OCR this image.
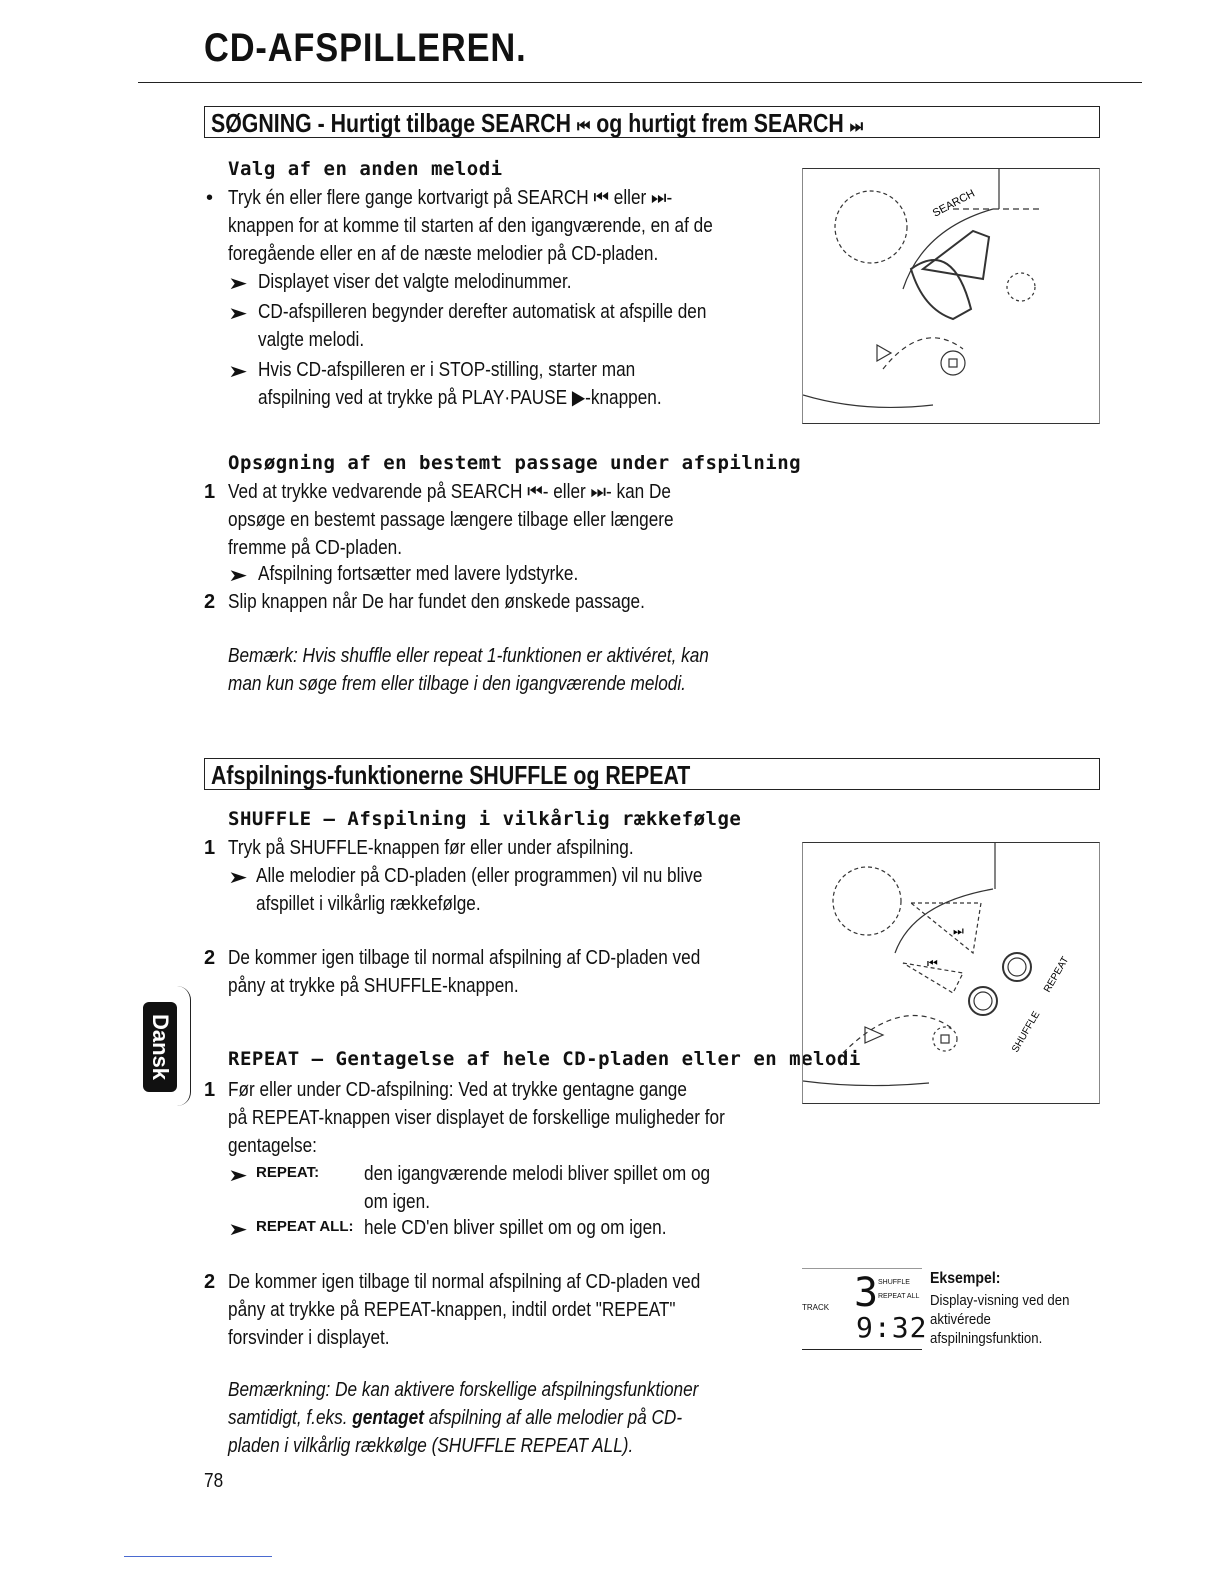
CD-AFSPILLEREN.
SØGNING - Hurtigt tilbage SEARCH ⏮ og hurtigt frem SEARCH ⏭
Valg af en anden melodi
• Tryk én eller flere gange kortvarigt på SEARCH ⏮ eller ⏭-
knappen for at komme til starten af den igangværende, en af de
foregående eller en af de næste melodier på CD-pladen.
➤ Displayet viser det valgte melodinummer.
➤ CD-afspilleren begynder derefter automatisk at afspille den
valgte melodi.
➤ Hvis CD-afspilleren er i STOP-stilling, starter man
afspilning ved at trykke på PLAY·PAUSE ▶-knappen.
SEARCH
Opsøgning af en bestemt passage under afspilning
1 Ved at trykke vedvarende på SEARCH ⏮- eller ⏭- kan De
opsøge en bestemt passage længere tilbage eller længere
fremme på CD-pladen.
➤ Afspilning fortsætter med lavere lydstyrke.
2 Slip knappen når De har fundet den ønskede passage.
Bemærk: Hvis shuffle eller repeat 1-funktionen er aktivéret, kan
man kun søge frem eller tilbage i den igangværende melodi.
Afspilnings-funktionerne SHUFFLE og REPEAT
SHUFFLE – Afspilning i vilkårlig rækkefølge
1 Tryk på SHUFFLE-knappen før eller under afspilning.
➤ Alle melodier på CD-pladen (eller programmen) vil nu blive
afspillet i vilkårlig rækkefølge.
2 De kommer igen tilbage til normal afspilning af CD-pladen ved
påny at trykke på SHUFFLE-knappen.
Dansk	REPEAT – Gentagelse af hele CD-pladen eller en melodi
1 Før eller under CD-afspilning: Ved at trykke gentagne gange
på REPEAT-knappen viser displayet de forskellige muligheder for
gentagelse:
➤ REPEAT: den igangværende melodi bliver spillet om og
om igen.
➤ REPEAT ALL: hele CD'en bliver spillet om og om igen.
2 De kommer igen tilbage til normal afspilning af CD-pladen ved
påny at trykke på REPEAT-knappen, indtil ordet "REPEAT"
forsvinder i displayet.
Bemærkning: De kan aktivere forskellige afspilningsfunktioner
samtidigt, f.eks. gentaget afspilning af alle melodier på CD-
pladen i vilkårlig rækkølge (SHUFFLE REPEAT ALL).
⏭
⏮	REPEAT
SHUFFLE
TRACK 3 SHUFFLE
REPEAT ALL
9:32
Eksempel:
Display-visning ved den
aktivérede
afspilningsfunktion.
78
